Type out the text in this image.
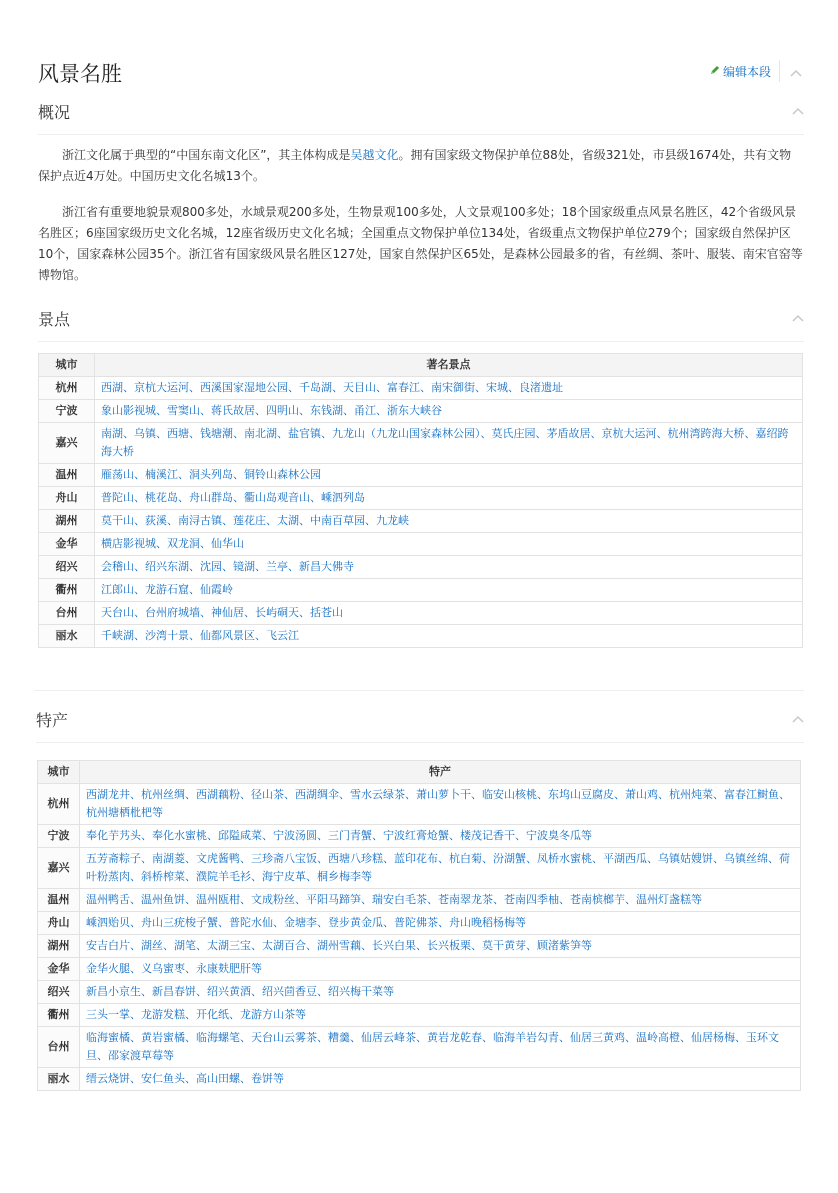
风景名胜	编辑本段
概况

浙江文化属于典型的“中国东南文化区”，其主体构成是吴越文化。拥有国家级文物保护单位88处，省级321处，市县级1674处，共有文物保护点近4万处。中国历史文化名城13个。

浙江省有重要地貌景观800多处，水域景观200多处，生物景观100多处，人文景观100多处；18个国家级重点风景名胜区，42个省级风景名胜区；6座国家级历史文化名城，12座省级历史文化名城；全国重点文物保护单位134处，省级重点文物保护单位279个；国家级自然保护区10个，国家森林公园35个。浙江省有国家级风景名胜区127处，国家自然保护区65处，是森林公园最多的省，有丝绸、茶叶、服装、南宋官窑等博物馆。

景点
城市	著名景点
杭州	西湖、京杭大运河、西溪国家湿地公园、千岛湖、天目山、富春江、南宋御街、宋城、良渚遗址
宁波	象山影视城、雪窦山、蒋氏故居、四明山、东钱湖、甬江、浙东大峡谷
嘉兴	南湖、乌镇、西塘、钱塘潮、南北湖、盐官镇、九龙山（九龙山国家森林公园）、莫氏庄园、茅盾故居、京杭大运河、杭州湾跨海大桥、嘉绍跨海大桥
温州	雁荡山、楠溪江、洞头列岛、铜铃山森林公园
舟山	普陀山、桃花岛、舟山群岛、衢山岛观音山、嵊泗列岛
湖州	莫干山、荻溪、南浔古镇、莲花庄、太湖、中南百草园、九龙峡
金华	横店影视城、双龙洞、仙华山
绍兴	会稽山、绍兴东湖、沈园、镜湖、兰亭、新昌大佛寺
衢州	江郎山、龙游石窟、仙霞岭
台州	天台山、台州府城墙、神仙居、长屿硐天、括苍山
丽水	千峡湖、沙湾十景、仙都风景区、飞云江
特产
城市	特产
杭州	西湖龙井、杭州丝绸、西湖藕粉、径山茶、西湖绸伞、雪水云绿茶、萧山萝卜干、临安山核桃、东坞山豆腐皮、萧山鸡、杭州炖菜、富春江鲥鱼、杭州塘栖枇杷等
宁波	奉化芋艿头、奉化水蜜桃、邱隘咸菜、宁波汤圆、三门青蟹、宁波红膏炝蟹、楼茂记香干、宁波臭冬瓜等
嘉兴	五芳斋粽子、南湖菱、文虎酱鸭、三珍斋八宝饭、西塘八珍糕、蓝印花布、杭白菊、汾湖蟹、凤桥水蜜桃、平湖西瓜、乌镇姑嫂饼、乌镇丝绵、荷叶粉蒸肉、斜桥榨菜、濮院羊毛衫、海宁皮革、桐乡梅李等
温州	温州鸭舌、温州鱼饼、温州瓯柑、文成粉丝、平阳马蹄笋、瑞安白毛茶、苍南翠龙茶、苍南四季柚、苍南槟榔芋、温州灯盏糕等
舟山	嵊泗贻贝、舟山三疣梭子蟹、普陀水仙、金塘李、登步黄金瓜、普陀佛茶、舟山晚稻杨梅等
湖州	安吉白片、湖丝、湖笔、太湖三宝、太湖百合、湖州雪藕、长兴白果、长兴板栗、莫干黄芽、顾渚紫笋等
金华	金华火腿、义乌蜜枣、永康麸肥肝等
绍兴	新昌小京生、新昌春饼、绍兴黄酒、绍兴茴香豆、绍兴梅干菜等
衢州	三头一掌、龙游发糕、开化纸、龙游方山茶等
台州	临海蜜橘、黄岩蜜橘、临海螺笔、天台山云雾茶、糟羹、仙居云峰茶、黄岩龙乾春、临海羊岩勾青、仙居三黄鸡、温岭高橙、仙居杨梅、玉环文旦、邵家渡草莓等
丽水	缙云烧饼、安仁鱼头、高山田螺、卷饼等
